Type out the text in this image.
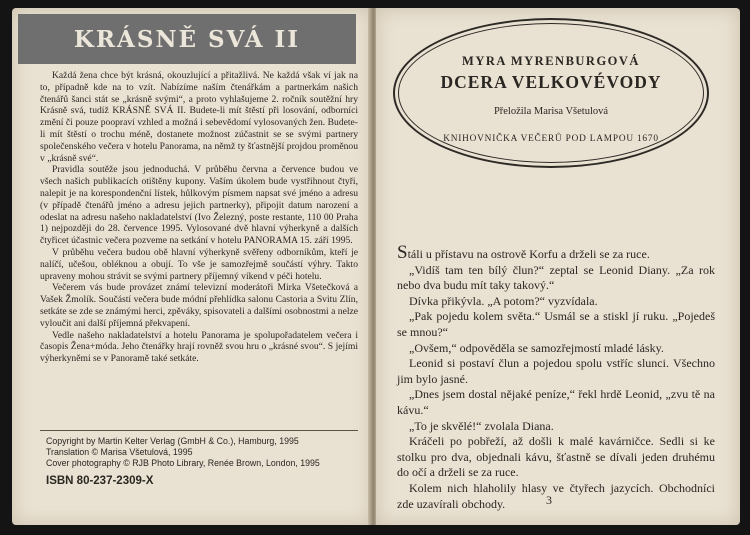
KRÁSNĚ SVÁ II

Každá žena chce být krásná, okouzlující a přitažlivá. Ne každá však ví jak na to, případně kde na to vzít. Nabízíme naším čtenářkám a partnerkám našich čtenářů šanci stát se „krásně svými“, a proto vyhlašujeme 2. ročník soutěžní hry Krásně svá, tudíž KRÁSNĚ SVÁ II. Budete-li mít štěstí při losování, odborníci změní či pouze poopraví vzhled a možná i sebevědomí vylosovaných žen. Budete-li mít štěstí o trochu méně, dostanete možnost zúčastnit se se svými partnery společenského večera v hotelu Panorama, na němž ty šťastnější projdou proměnou v „krásně své“.

Pravidla soutěže jsou jednoduchá. V průběhu června a července budou ve všech našich publikacích otištěny kupony. Vaším úkolem bude vystřihnout čtyři, nalepit je na korespondenční lístek, hůlkovým písmem napsat své jméno a adresu (v případě čtenářů jméno a adresu jejich partnerky), připojit datum narození a odeslat na adresu našeho nakladatelství (Ivo Železný, poste restante, 110 00 Praha 1) nejpozději do 28. července 1995. Vylosované dvě hlavní výherkyně a dalších čtyřicet účastnic večera pozveme na setkání v hotelu PANORAMA 15. září 1995.

V průběhu večera budou obě hlavní výherkyně svěřeny odborníkům, kteří je nalíčí, učešou, obléknou a obují. To vše je samozřejmě součástí výhry. Takto upraveny mohou strávit se svými partnery příjemný víkend v péči hotelu.

Večerem vás bude provázet známí televizní moderátoři Mirka Všetečková a Vašek Žmolík. Součástí večera bude módní přehlídka salonu Castoria a Svitu Zlín, setkáte se zde se známými herci, zpěváky, spisovateli a dalšími osobnostmi a nelze vyloučit ani další příjemná překvapení.

Vedle našeho nakladatelství a hotelu Panorama je spolupořadatelem večera i časopis Žena+móda. Jeho čtenářky hrají rovněž svou hru o „krásné svou“. S jejími výherkyněmi se v Panoramě také setkáte.

Copyright by Martin Kelter Verlag (GmbH & Co.), Hamburg, 1995
Translation © Marisa Všetulová, 1995
Cover photography © RJB Photo Library, Renée Brown, London, 1995
ISBN 80-237-2309-X
MYRA MYRENBURGOVÁ
DCERA VELKOVÉVODY
Přeložila Marisa Všetulová
KNIHOVNIČKA VEČERŮ POD LAMPOU 1670

Stáli u přístavu na ostrově Korfu a drželi se za ruce.

„Vidíš tam ten bílý člun?“ zeptal se Leonid Diany. „Za rok nebo dva budu mít taky takový.“

Dívka přikývla. „A potom?“ vyzvídala.

„Pak pojedu kolem světa.“ Usmál se a stiskl jí ruku. „Pojedeš se mnou?“

„Ovšem,“ odpověděla se samozřejmostí mladé lásky.

Leonid si postaví člun a pojedou spolu vstříc slunci. Všechno jim bylo jasné.

„Dnes jsem dostal nějaké peníze,“ řekl hrdě Leonid, „zvu tě na kávu.“

„To je skvělé!“ zvolala Diana.

Kráčeli po pobřeží, až došli k malé kavárničce. Sedli si ke stolku pro dva, objednali kávu, šťastně se dívali jeden druhému do očí a drželi se za ruce.

Kolem nich hlaholily hlasy ve čtyřech jazycích. Obchodníci zde uzavírali obchody.	3
